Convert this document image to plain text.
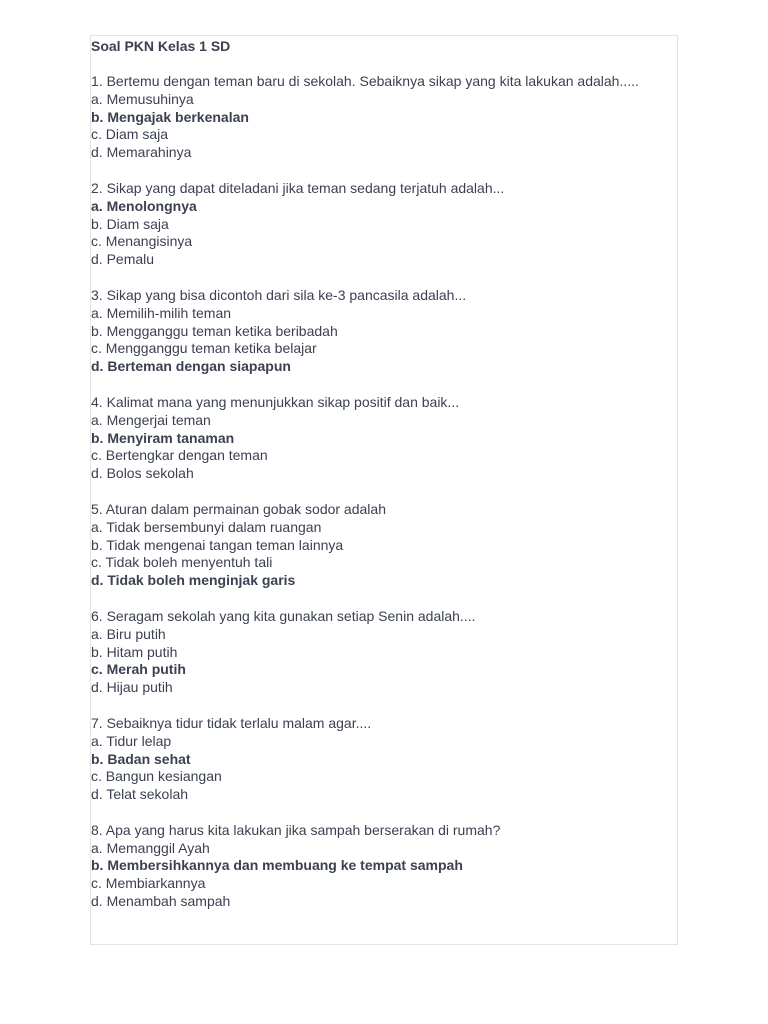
Soal PKN Kelas 1 SD

1. Bertemu dengan teman baru di sekolah. Sebaiknya sikap yang kita lakukan adalah.....

a. Memusuhinya
b. Mengajak berkenalan
c. Diam saja
d. Memarahinya

2. Sikap yang dapat diteladani jika teman sedang terjatuh adalah...

a. Menolongnya
b. Diam saja
c. Menangisinya
d. Pemalu

3. Sikap yang bisa dicontoh dari sila ke-3 pancasila adalah...

a. Memilih-milih teman
b. Mengganggu teman ketika beribadah
c. Mengganggu teman ketika belajar
d. Berteman dengan siapapun

4. Kalimat mana yang menunjukkan sikap positif dan baik...

a. Mengerjai teman
b. Menyiram tanaman
c. Bertengkar dengan teman
d. Bolos sekolah

5. Aturan dalam permainan gobak sodor adalah

a. Tidak bersembunyi dalam ruangan
b. Tidak mengenai tangan teman lainnya
c. Tidak boleh menyentuh tali
d. Tidak boleh menginjak garis

6. Seragam sekolah yang kita gunakan setiap Senin adalah....

a. Biru putih
b. Hitam putih
c. Merah putih
d. Hijau putih

7. Sebaiknya tidur tidak terlalu malam agar....

a. Tidur lelap
b. Badan sehat
c. Bangun kesiangan
d. Telat sekolah

8. Apa yang harus kita lakukan jika sampah berserakan di rumah?

a. Memanggil Ayah
b. Membersihkannya dan membuang ke tempat sampah
c. Membiarkannya
d. Menambah sampah
